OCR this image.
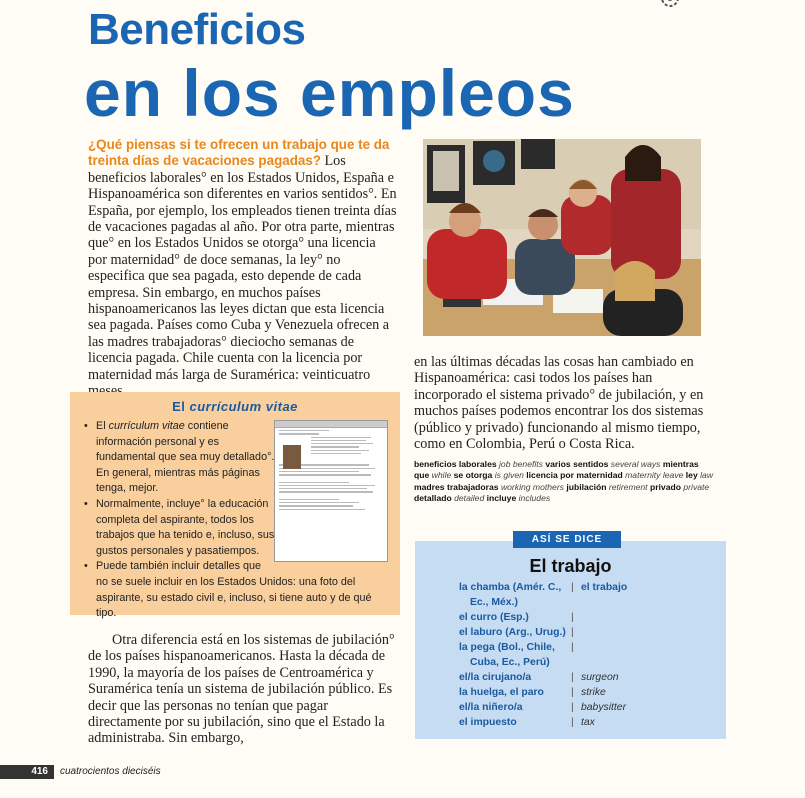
Beneficios
en los empleos
¿Qué piensas si te ofrecen un trabajo que te da treinta días de vacaciones pagadas? Los beneficios laborales° en los Estados Unidos, España e Hispanoamérica son diferentes en varios sentidos°. En España, por ejemplo, los empleados tienen treinta días de vacaciones pagadas al año. Por otra parte, mientras que° en los Estados Unidos se otorga° una licencia por maternidad° de doce semanas, la ley° no especifica que sea pagada, esto depende de cada empresa. Sin embargo, en muchos países hispanoamericanos las leyes dictan que esta licencia sea pagada. Países como Cuba y Venezuela ofrecen a las madres trabajadoras° dieciocho semanas de licencia pagada. Chile cuenta con la licencia por maternidad más larga de Suramérica: veinticuatro
El currículum vitae
• El currículum vitae contiene información personal y es fundamental que sea muy detallado°. En general, mientras más páginas tenga, mejor.
• Normalmente, incluye° la educación completa del aspirante, todos los trabajos que ha tenido e, incluso, sus gustos personales y pasatiempos.
• Puede también incluir detalles que
no se suele incluir en los Estados Unidos: una foto del aspirante, su estado civil e, incluso, si tiene auto y de qué tipo.
Otra diferencia está en los sistemas de jubilación° de los países hispanoamericanos. Hasta la década de 1990, la mayoría de los países de Centroamérica y Suramérica tenía un sistema de jubilación público. Es decir que las personas no tenían que pagar directamente por su jubilación, sino que el Estado la administraba. Sin embargo,
en las últimas décadas las cosas han cambiado en Hispanoamérica: casi todos los países han incorporado el sistema privado° de jubilación, y en muchos países podemos encontrar los dos sistemas (público y privado) funcionando al mismo tiempo, como en Colombia, Perú o Costa Rica.
beneficios laborales job benefits varios sentidos several ways mientras que while se otorga is given licencia por maternidad maternity leave ley law madres trabajadoras working mothers jubilación retirement privado private detallado detailed incluye includes
ASÍ SE DICE
El trabajo
la chamba (Amér. C., | el trabajo
Ec., Méx.)
el curro (Esp.)	|
el laburo (Arg., Urug.) |
la pega (Bol., Chile,	|
Cuba, Ec., Perú)
el/la cirujano/a	| surgeon
la huelga, el paro	| strike
el/la niñero/a	| babysitter
el impuesto	| tax
416	cuatrocientos dieciséis
